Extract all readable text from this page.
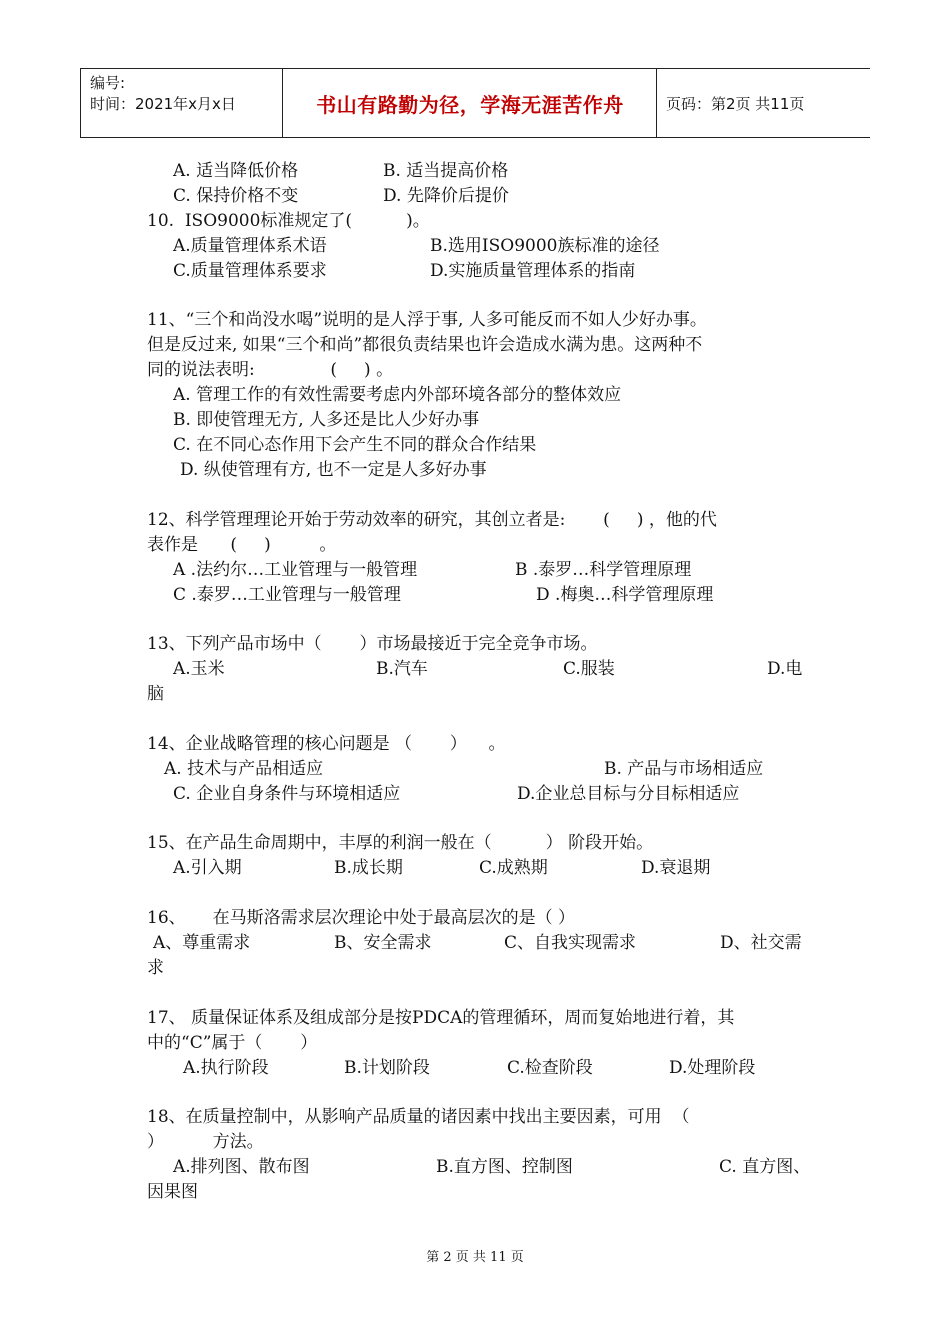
编号:
时间：2021年x月x日	书山有路勤为径，学海无涯苦作舟	页码：第2页 共11页
A. 适当降低价格	B. 适当提高价格
C. 保持价格不变	D. 先降价后提价
10.  ISO9000标准规定了(          )。
A.质量管理体系术语	B.选用ISO9000族标准的途径
C.质量管理体系要求	D.实施质量管理体系的指南
11、“三个和尚没水喝”说明的是人浮于事, 人多可能反而不如人少好办事。
但是反过来, 如果“三个和尚”都很负责结果也许会造成水满为患。这两种不
同的说法表明:              (     ) 。
A. 管理工作的有效性需要考虑内外部环境各部分的整体效应
B. 即使管理无方, 人多还是比人少好办事
C. 在不同心态作用下会产生不同的群众合作结果
D. 纵使管理有方, 也不一定是人多好办事
12、科学管理理论开始于劳动效率的研究，其创立者是:       (     ) ，他的代
表作是      (     )         。
A .法约尔…工业管理与一般管理	B .泰罗…科学管理原理
C .泰罗…工业管理与一般管理	D .梅奥…科学管理原理
13、下列产品市场中（       ）市场最接近于完全竞争市场。
A.玉米	B.汽车	C.服装	D.电
脑
14、企业战略管理的核心问题是 （       ）    。
A. 技术与产品相适应	B. 产品与市场相适应
C. 企业自身条件与环境相适应	D.企业总目标与分目标相适应
15、在产品生命周期中，丰厚的利润一般在（          ） 阶段开始。
A.引入期	B.成长期	C.成熟期	D.衰退期
16、     在马斯洛需求层次理论中处于最高层次的是（ ）
A、尊重需求	B、安全需求	C、自我实现需求	D、社交需
求
17、 质量保证体系及组成部分是按PDCA的管理循环，周而复始地进行着，其
中的“C”属于（       ）
A.执行阶段	B.计划阶段	C.检查阶段	D.处理阶段
18、在质量控制中，从影响产品质量的诸因素中找出主要因素，可用  （
）         方法。
A.排列图、散布图	B.直方图、控制图	C. 直方图、
因果图
第 2 页 共 11 页
